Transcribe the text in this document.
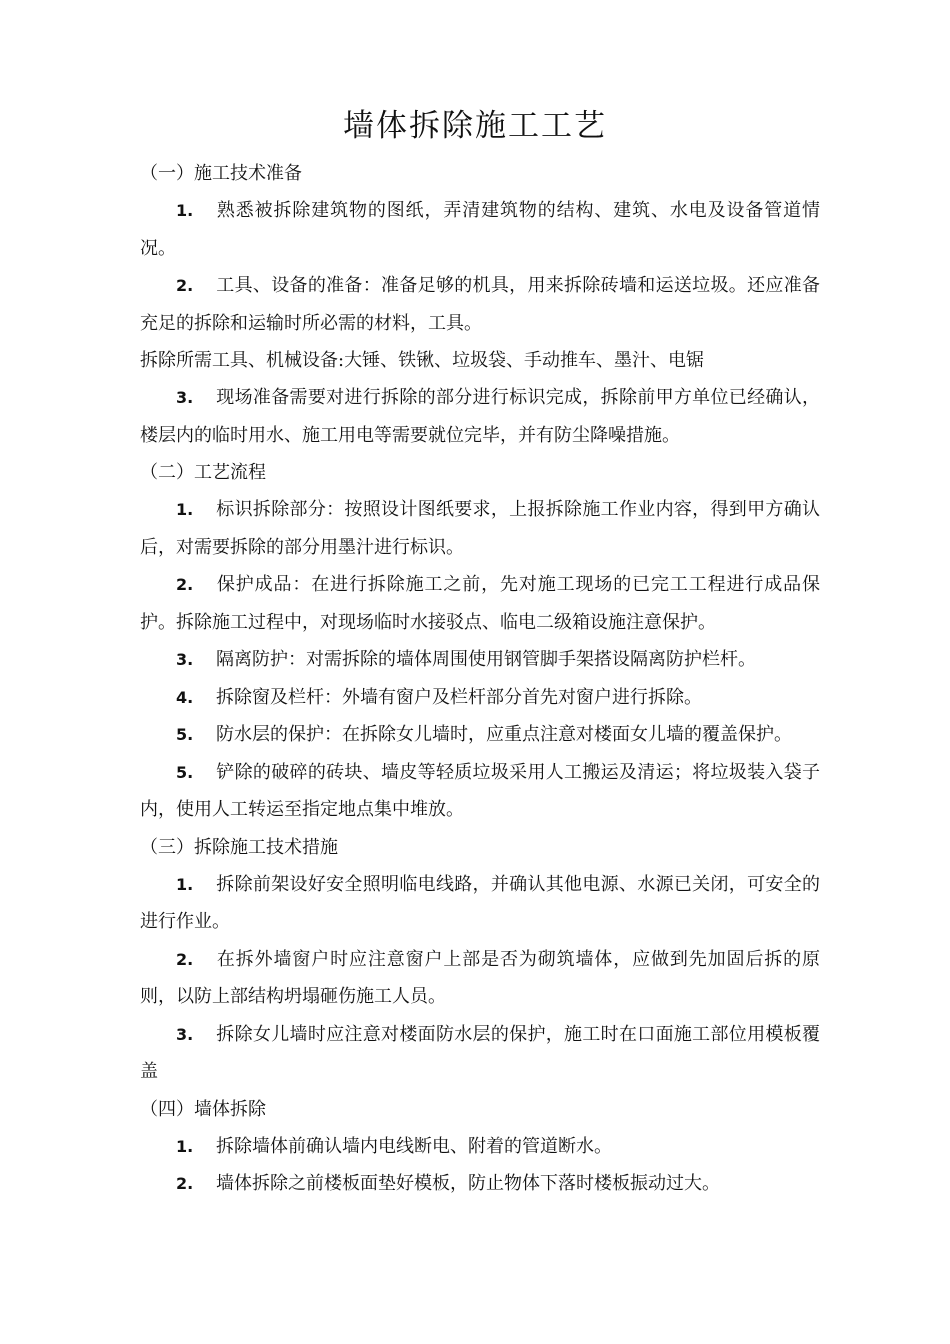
墙体拆除施工工艺
（一）施工技术准备
1. 熟悉被拆除建筑物的图纸，弄清建筑物的结构、建筑、水电及设备管道情况。
2. 工具、设备的准备：准备足够的机具，用来拆除砖墙和运送垃圾。还应准备充足的拆除和运输时所必需的材料，工具。
拆除所需工具、机械设备:大锤、铁锹、垃圾袋、手动推车、墨汁、电锯
3. 现场准备需要对进行拆除的部分进行标识完成，拆除前甲方单位已经确认，楼层内的临时用水、施工用电等需要就位完毕，并有防尘降噪措施。
（二）工艺流程
1. 标识拆除部分：按照设计图纸要求，上报拆除施工作业内容，得到甲方确认后，对需要拆除的部分用墨汁进行标识。
2. 保护成品：在进行拆除施工之前，先对施工现场的已完工工程进行成品保护。拆除施工过程中，对现场临时水接驳点、临电二级箱设施注意保护。
3. 隔离防护：对需拆除的墙体周围使用钢管脚手架搭设隔离防护栏杆。
4. 拆除窗及栏杆：外墙有窗户及栏杆部分首先对窗户进行拆除。
5. 防水层的保护：在拆除女儿墙时，应重点注意对楼面女儿墙的覆盖保护。
5. 铲除的破碎的砖块、墙皮等轻质垃圾采用人工搬运及清运；将垃圾装入袋子内，使用人工转运至指定地点集中堆放。
（三）拆除施工技术措施
1. 拆除前架设好安全照明临电线路，并确认其他电源、水源已关闭，可安全的进行作业。
2. 在拆外墙窗户时应注意窗户上部是否为砌筑墙体，应做到先加固后拆的原则，以防上部结构坍塌砸伤施工人员。
3. 拆除女儿墙时应注意对楼面防水层的保护，施工时在口面施工部位用模板覆盖
（四）墙体拆除
1. 拆除墙体前确认墙内电线断电、附着的管道断水。
2. 墙体拆除之前楼板面垫好模板，防止物体下落时楼板振动过大。
